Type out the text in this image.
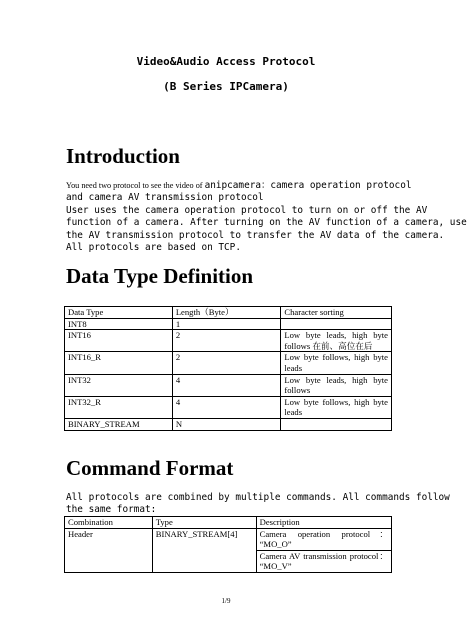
Video&Audio Access Protocol
(B Series IPCamera)
Introduction
You need two protocol to see the video of anipcamera：camera operation protocol
and camera AV transmission protocol
User uses the camera operation protocol to turn on or off the AV
function of a camera. After turning on the AV function of a camera, use
the AV transmission protocol to transfer the AV data of the camera.
All protocols are based on TCP.
Data Type Definition
Data Type	Length（Byte）	Character sorting
INT8	1	
INT16	2	Low byte leads, high byte follows 在前、高位在后
INT16_R	2	Low byte follows, high byte leads
INT32	4	Low byte leads, high byte follows
INT32_R	4	Low byte follows, high byte leads
BINARY_STREAM	N	
Command Format
All protocols are combined by multiple commands. All commands follow
the same format:
Combination	Type	Description
Header	BINARY_STREAM[4]	Camera operation protocol： “MO_O”
		Camera AV transmission protocol： “MO_V”
1/9
